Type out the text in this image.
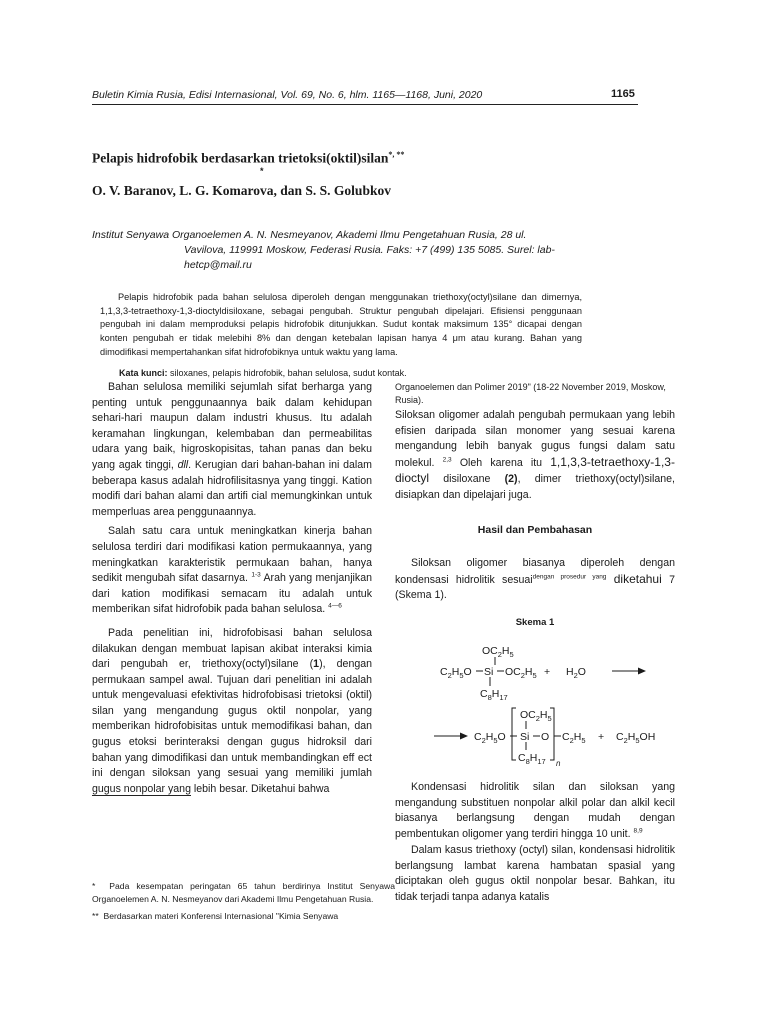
Buletin Kimia Rusia, Edisi Internasional, Vol. 69, No. 6, hlm. 1165—1168, Juni, 2020	1165
Pelapis hidrofobik berdasarkan trietoksi(oktil)silan*, **
*
O. V. Baranov, L. G. Komarova, dan S. S. Golubkov
Institut Senyawa Organoelemen A. N. Nesmeyanov, Akademi Ilmu Pengetahuan Rusia, 28 ul.
Vavilova, 119991 Moskow, Federasi Rusia. Faks: +7 (499) 135 5085. Surel: lab-
hetcp@mail.ru

Pelapis hidrofobik pada bahan selulosa diperoleh dengan menggunakan triethoxy(octyl)silane dan dimernya, 1,1,3,3-tetraethoxy-1,3-dioctyldisiloxane, sebagai pengubah. Struktur pengubah dipelajari. Efisiensi penggunaan pengubah ini dalam memproduksi pelapis hidrofobik ditunjukkan. Sudut kontak maksimum 135° dicapai dengan konten pengubah er tidak melebihi 8% dan dengan ketebalan lapisan hanya 4 μm atau kurang. Bahan yang dimodifikasi mempertahankan sifat hidrofobiknya untuk waktu yang lama.

Kata kunci: siloxanes, pelapis hidrofobik, bahan selulosa, sudut kontak.

Bahan selulosa memiliki sejumlah sifat berharga yang penting untuk penggunaannya baik dalam kehidupan sehari-hari maupun dalam industri khusus. Itu adalah keramahan lingkungan, kelembaban dan permeabilitas udara yang baik, higroskopisitas, tahan panas dan beku yang agak tinggi, dll. Kerugian dari bahan-bahan ini dalam beberapa kasus adalah hidrofilisitasnya yang tinggi. Kation modifi dari bahan alami dan artifi cial memungkinkan untuk memperluas area penggunaannya.

Salah satu cara untuk meningkatkan kinerja bahan selulosa terdiri dari modifikasi kation permukaannya, yang meningkatkan karakteristik permukaan bahan, hanya sedikit mengubah sifat dasarnya. $^{1-3}$ Arah yang menjanjikan dari kation modifikasi semacam itu adalah untuk memberikan sifat hidrofobik pada bahan selulosa. $^{4—6}$

Pada penelitian ini, hidrofobisasi bahan selulosa dilakukan dengan membuat lapisan akibat interaksi kimia dari pengubah er, triethoxy(octyl)silane (1), dengan permukaan sampel awal. Tujuan dari penelitian ini adalah untuk mengevaluasi efektivitas hidrofobisasi trietoksi (oktil) silan yang mengandung gugus oktil nonpolar, yang memberikan hidrofobisitas untuk memodifikasi bahan, dan gugus etoksi berinteraksi dengan gugus hidroksil dari bahan yang dimodifikasi dan untuk membandingkan eff ect ini dengan siloksan yang sesuai yang memiliki jumlah gugus nonpolar yang lebih besar. Diketahui bahwa

Organoelemen dan Polimer 2019" (18-22 November 2019, Moskow, Rusia).
Siloksan oligomer adalah pengubah permukaan yang lebih efisien daripada silan monomer yang sesuai karena mengandung lebih banyak gugus fungsi dalam satu molekul. $^{2,3}$ Oleh karena itu 1,1,3,3-tetraethoxy-1,3-dioctyl disiloxane (2), dimer triethoxy(octyl)silane, disiapkan dan dipelajari juga.
Hasil dan Pembahasan
Siloksan oligomer biasanya diperoleh dengan kondensasi hidrolitik sesuai$^{dengan prosedur yang}$ diketahui 7 (Skema 1).
Skema 1
$OC_2H_5$
$C_2H_5O$ Si $OC_2H_5$
$C_8H_{17}$
+ $H_2O$
$C_2H_5O$
$OC_2H_5$
Si O
$C_8H_{17}$ n
$C_2H_5 + C_2H_5OH$
Kondensasi hidrolitik silan dan siloksan yang mengandung substituen nonpolar alkil polar dan alkil kecil biasanya berlangsung dengan mudah dengan pembentukan oligomer yang terdiri hingga 10 unit. $^{8,9}$
Dalam kasus triethoxy (octyl) silan, kondensasi hidrolitik berlangsung lambat karena hambatan spasial yang diciptakan oleh gugus oktil nonpolar besar. Bahkan, itu tidak terjadi tanpa adanya katalis

* Pada kesempatan peringatan 65 tahun berdirinya Institut Senyawa Organoelemen A. N. Nesmeyanov dari Akademi Ilmu Pengetahuan Rusia.

** Berdasarkan materi Konferensi Internasional "Kimia Senyawa
